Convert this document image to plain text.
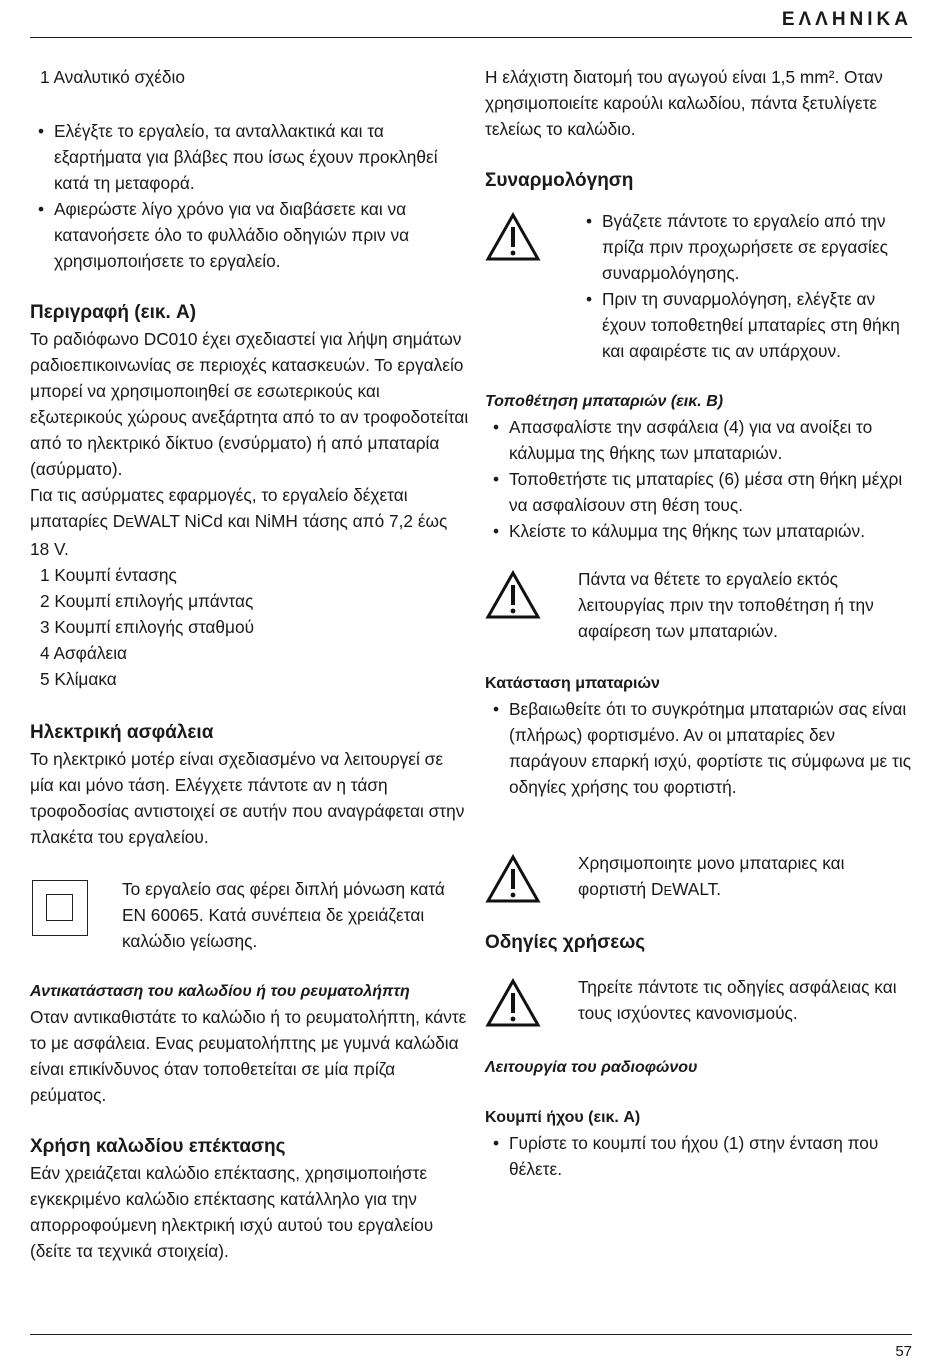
ΕΛΛΗΝΙΚΑ

1 Αναλυτικό σχέδιο

• Ελέγξτε το εργαλείο, τα ανταλλακτικά και τα εξαρτήματα για βλάβες που ίσως έχουν προκληθεί κατά τη μεταφορά.
• Αφιερώστε λίγο χρόνο για να διαβάσετε και να κατανοήσετε όλο το φυλλάδιο οδηγιών πριν να χρησιμοποιήσετε το εργαλείο.
Περιγραφή (εικ. A)

Το ραδιόφωνο DC010 έχει σχεδιαστεί για λήψη σημάτων ραδιοεπικοινωνίας σε περιοχές κατασκευών. Το εργαλείο μπορεί να χρησιμοποιηθεί σε εσωτερικούς και εξωτερικούς χώρους ανεξάρτητα από το αν τροφοδοτείται από το ηλεκτρικό δίκτυο (ενσύρματο) ή από μπαταρία (ασύρματο).

Για τις ασύρματες εφαρμογές, το εργαλείο δέχεται μπαταρίες DEWALT NiCd και NiMH τάσης από 7,2 έως 18 V.

1 Κουμπί έντασης

2 Κουμπί επιλογής μπάντας

3 Κουμπί επιλογής σταθμού

4 Ασφάλεια

5 Κλίμακα

Ηλεκτρική ασφάλεια

Το ηλεκτρικό μοτέρ είναι σχεδιασμένο να λειτουργεί σε μία και μόνο τάση. Ελέγχετε πάντοτε αν η τάση τροφοδοσίας αντιστοιχεί σε αυτήν που αναγράφεται στην πλακέτα του εργαλείου.

Το εργαλείο σας φέρει διπλή μόνωση κατά EN 60065. Κατά συνέπεια δε χρειάζεται καλώδιο γείωσης.

Αντικατάσταση του καλωδίου ή του ρευματολήπτη

Οταν αντικαθιστάτε το καλώδιο ή το ρευματολήπτη, κάντε το με ασφάλεια. Ενας ρευματολήπτης με γυμνά καλώδια είναι επικίνδυνος όταν τοποθετείται σε μία πρίζα ρεύματος.

Χρήση καλωδίου επέκτασης

Εάν χρειάζεται καλώδιο επέκτασης, χρησιμοποιήστε εγκεκριμένο καλώδιο επέκτασης κατάλληλο για την απορροφούμενη ηλεκτρική ισχύ αυτού του εργαλείου (δείτε τα τεχνικά στοιχεία).

Η ελάχιστη διατομή του αγωγού είναι 1,5 mm². Οταν χρησιμοποιείτε καρούλι καλωδίου, πάντα ξετυλίγετε τελείως το καλώδιο.

Συναρμολόγηση
• Βγάζετε πάντοτε το εργαλείο από την πρίζα πριν προχωρήσετε σε εργασίες συναρμολόγησης.
• Πριν τη συναρμολόγηση, ελέγξτε αν έχουν τοποθετηθεί μπαταρίες στη θήκη και αφαιρέστε τις αν υπάρχουν.
Τοποθέτηση μπαταριών (εικ. B)
• Απασφαλίστε την ασφάλεια (4) για να ανοίξει το κάλυμμα της θήκης των μπαταριών.
• Τοποθετήστε τις μπαταρίες (6) μέσα στη θήκη μέχρι να ασφαλίσουν στη θέση τους.
• Κλείστε το κάλυμμα της θήκης των μπαταριών.

Πάντα να θέτετε το εργαλείο εκτός λειτουργίας πριν την τοποθέτηση ή την αφαίρεση των μπαταριών.

Κατάσταση μπαταριών
• Βεβαιωθείτε ότι το συγκρότημα μπαταριών σας είναι (πλήρως) φορτισμένο. Αν οι μπαταρίες δεν παράγουν επαρκή ισχύ, φορτίστε τις σύμφωνα με τις οδηγίες χρήσης του φορτιστή.

Χρησιμοποιητε μονο μπαταριες και φορτιστή DEWALT.

Οδηγίες χρήσεως

Τηρείτε πάντοτε τις οδηγίες ασφάλειας και τους ισχύοντες κανονισμούς.

Λειτουργία του ραδιοφώνου
Κουμπί ήχου (εικ. A)
• Γυρίστε το κουμπί του ήχου (1) στην ένταση που θέλετε.
57
